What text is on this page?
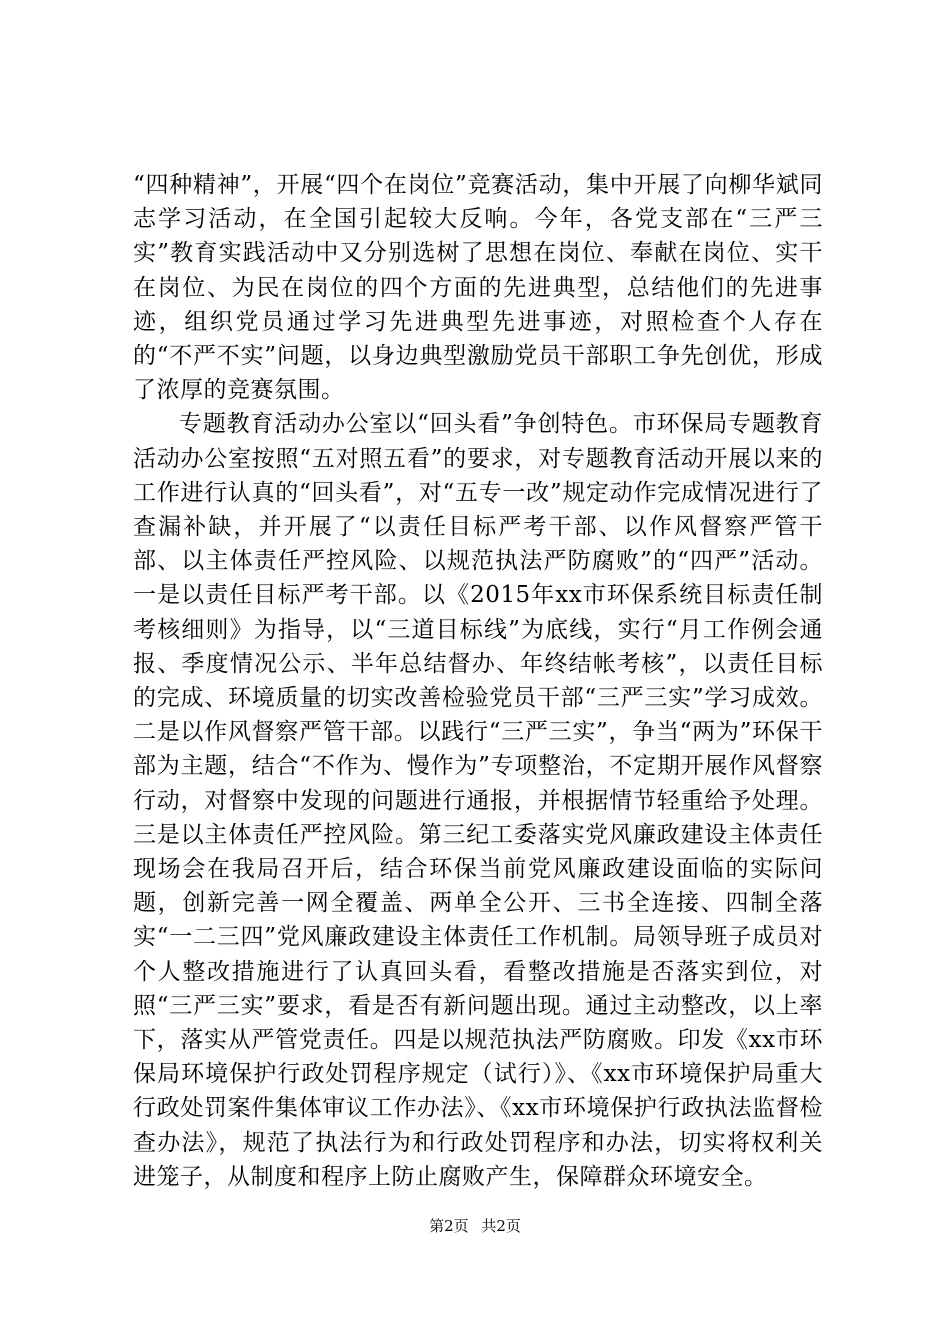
“四种精神”，开展“四个在岗位”竞赛活动，集中开展了向柳华斌同志学习活动，在全国引起较大反响。今年，各党支部在“三严三实”教育实践活动中又分别选树了思想在岗位、奉献在岗位、实干在岗位、为民在岗位的四个方面的先进典型，总结他们的先进事迹，组织党员通过学习先进典型先进事迹，对照检查个人存在的“不严不实”问题，以身边典型激励党员干部职工争先创优，形成了浓厚的竞赛氛围。

专题教育活动办公室以“回头看”争创特色。市环保局专题教育活动办公室按照“五对照五看”的要求，对专题教育活动开展以来的工作进行认真的“回头看”，对“五专一改”规定动作完成情况进行了查漏补缺，并开展了“以责任目标严考干部、以作风督察严管干部、以主体责任严控风险、以规范执法严防腐败”的“四严”活动。一是以责任目标严考干部。以《2015年xx市环保系统目标责任制考核细则》为指导，以“三道目标线”为底线，实行“月工作例会通报、季度情况公示、半年总结督办、年终结帐考核”，以责任目标的完成、环境质量的切实改善检验党员干部“三严三实”学习成效。二是以作风督察严管干部。以践行“三严三实”，争当“两为”环保干部为主题，结合“不作为、慢作为”专项整治，不定期开展作风督察行动，对督察中发现的问题进行通报，并根据情节轻重给予处理。三是以主体责任严控风险。第三纪工委落实党风廉政建设主体责任现场会在我局召开后，结合环保当前党风廉政建设面临的实际问题，创新完善一网全覆盖、两单全公开、三书全连接、四制全落实“一二三四”党风廉政建设主体责任工作机制。局领导班子成员对个人整改措施进行了认真回头看，看整改措施是否落实到位，对照“三严三实”要求，看是否有新问题出现。通过主动整改，以上率下，落实从严管党责任。四是以规范执法严防腐败。印发《xx市环保局环境保护行政处罚程序规定（试行）》、《xx市环境保护局重大行政处罚案件集体审议工作办法》、《xx市环境保护行政执法监督检查办法》，规范了执法行为和行政处罚程序和办法，切实将权利关进笼子，从制度和程序上防止腐败产生，保障群众环境安全。

第2页 共2页
